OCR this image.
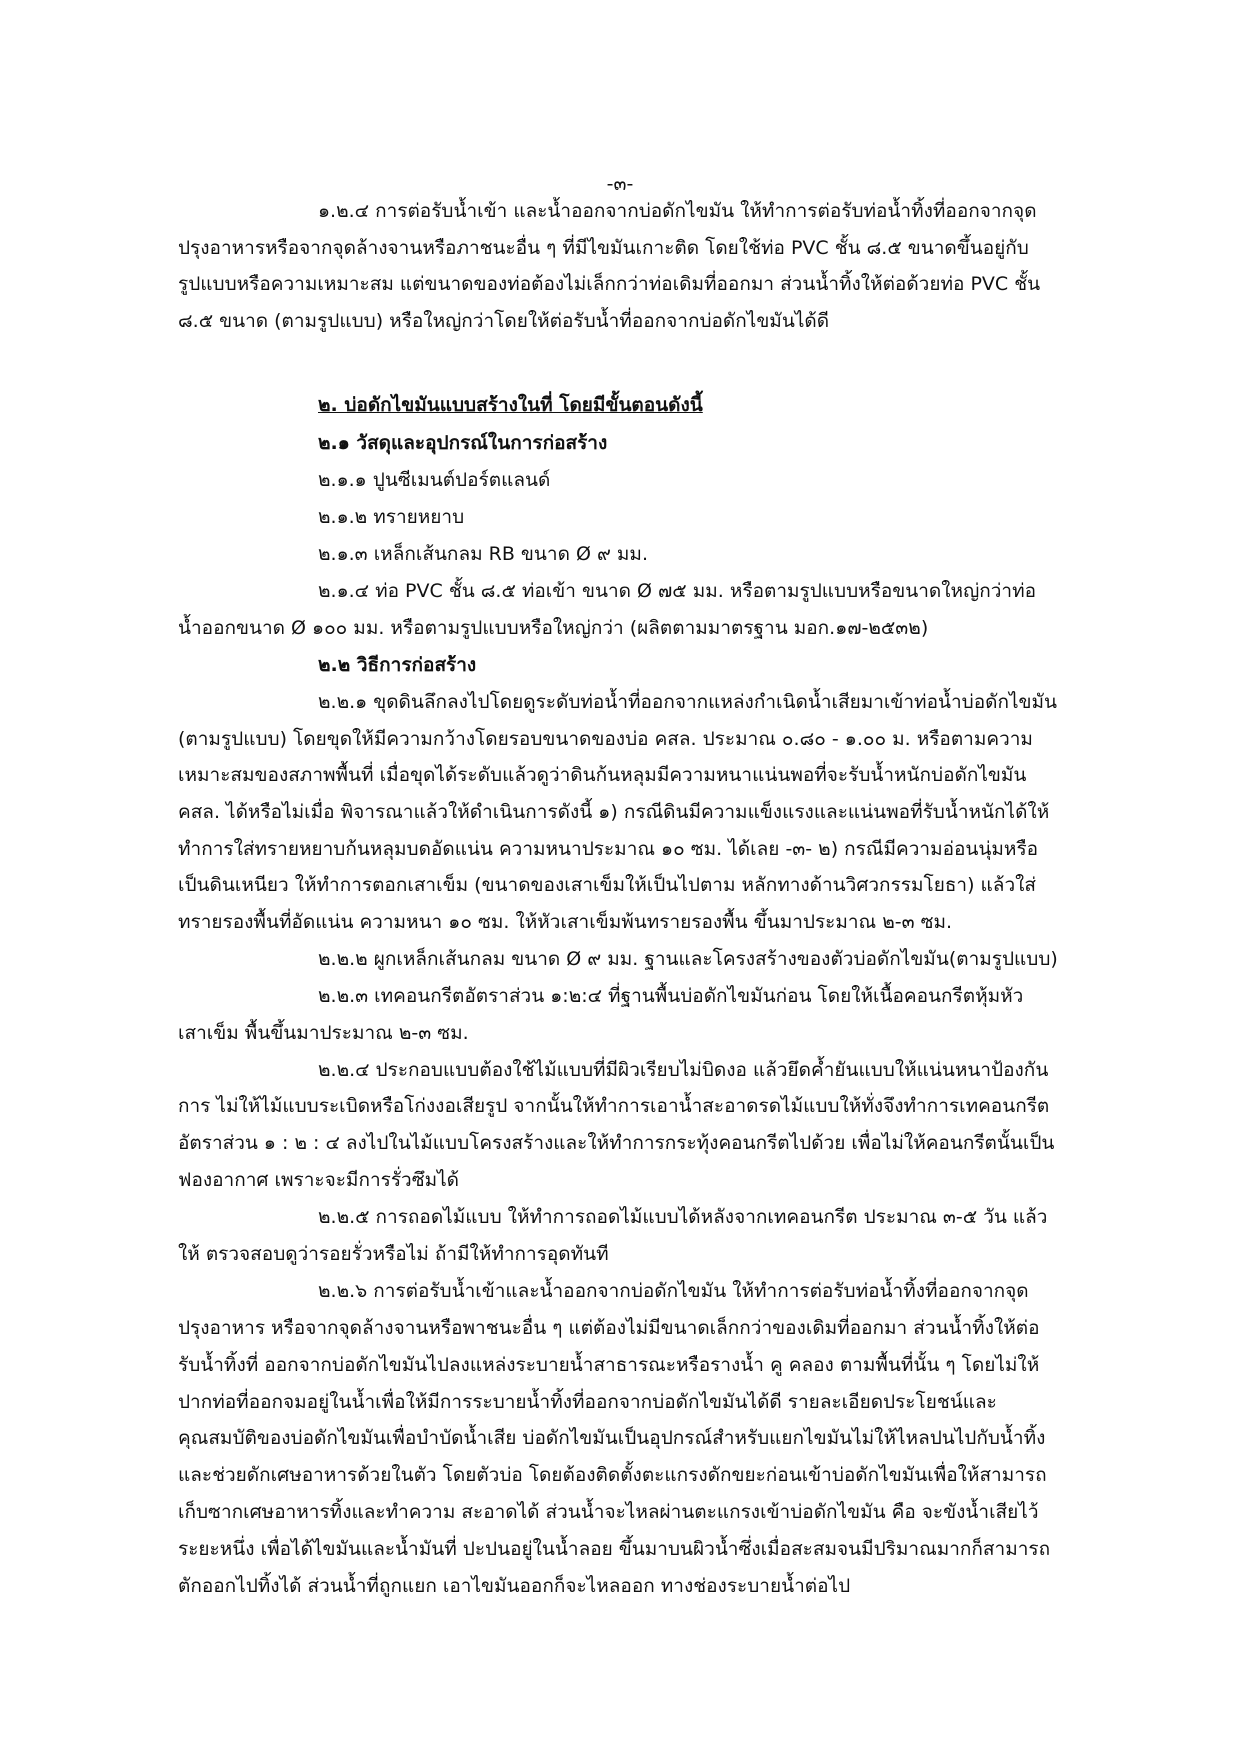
-๓-
๑.๒.๔ การต่อรับน้ำเข้า และน้ำออกจากบ่อดักไขมัน ให้ทำการต่อรับท่อน้ำทิ้งที่ออกจากจุด
ปรุงอาหารหรือจากจุดล้างจานหรือภาชนะอื่น ๆ ที่มีไขมันเกาะติด โดยใช้ท่อ PVC ชั้น ๘.๕ ขนาดขึ้นอยู่กับ
รูปแบบหรือความเหมาะสม แต่ขนาดของท่อต้องไม่เล็กกว่าท่อเดิมที่ออกมา ส่วนน้ำทิ้งให้ต่อด้วยท่อ PVC ชั้น
๘.๕ ขนาด (ตามรูปแบบ) หรือใหญ่กว่าโดยให้ต่อรับน้ำที่ออกจากบ่อดักไขมันได้ดี
๒. บ่อดักไขมันแบบสร้างในที่ โดยมีขั้นตอนดังนี้
๒.๑ วัสดุและอุปกรณ์ในการก่อสร้าง
๒.๑.๑ ปูนซีเมนต์ปอร์ตแลนด์
๒.๑.๒ ทรายหยาบ
๒.๑.๓ เหล็กเส้นกลม RB ขนาด Ø ๙ มม.
๒.๑.๔ ท่อ PVC ชั้น ๘.๕ ท่อเข้า ขนาด Ø ๗๕ มม. หรือตามรูปแบบหรือขนาดใหญ่กว่าท่อ
น้ำออกขนาด Ø ๑๐๐ มม. หรือตามรูปแบบหรือใหญ่กว่า (ผลิตตามมาตรฐาน มอก.๑๗-๒๕๓๒)
๒.๒ วิธีการก่อสร้าง
๒.๒.๑ ขุดดินลึกลงไปโดยดูระดับท่อน้ำที่ออกจากแหล่งกำเนิดน้ำเสียมาเข้าท่อน้ำบ่อดักไขมัน
(ตามรูปแบบ) โดยขุดให้มีความกว้างโดยรอบขนาดของบ่อ คสล. ประมาณ ๐.๘๐ - ๑.๐๐ ม. หรือตามความ
เหมาะสมของสภาพพื้นที่ เมื่อขุดได้ระดับแล้วดูว่าดินก้นหลุมมีความหนาแน่นพอที่จะรับน้ำหนักบ่อดักไขมัน
คสล. ได้หรือไม่เมื่อ พิจารณาแล้วให้ดำเนินการดังนี้ ๑) กรณีดินมีความแข็งแรงและแน่นพอที่รับน้ำหนักได้ให้
ทำการใส่ทรายหยาบก้นหลุมบดอัดแน่น ความหนาประมาณ ๑๐ ซม. ได้เลย -๓- ๒) กรณีมีความอ่อนนุ่มหรือ
เป็นดินเหนียว ให้ทำการตอกเสาเข็ม (ขนาดของเสาเข็มให้เป็นไปตาม หลักทางด้านวิศวกรรมโยธา) แล้วใส่
ทรายรองพื้นที่อัดแน่น ความหนา ๑๐ ซม. ให้หัวเสาเข็มพ้นทรายรองพื้น ขึ้นมาประมาณ ๒-๓ ซม.
๒.๒.๒ ผูกเหล็กเส้นกลม ขนาด Ø ๙ มม. ฐานและโครงสร้างของตัวบ่อดักไขมัน(ตามรูปแบบ)
๒.๒.๓ เทคอนกรีตอัตราส่วน ๑:๒:๔ ที่ฐานพื้นบ่อดักไขมันก่อน โดยให้เนื้อคอนกรีตหุ้มหัว
เสาเข็ม พื้นขึ้นมาประมาณ ๒-๓ ซม.
๒.๒.๔ ประกอบแบบต้องใช้ไม้แบบที่มีผิวเรียบไม่บิดงอ แล้วยึดค้ำยันแบบให้แน่นหนาป้องกัน
การ ไม่ให้ไม้แบบระเบิดหรือโก่งงอเสียรูป จากนั้นให้ทำการเอาน้ำสะอาดรดไม้แบบให้ทั่งจึงทำการเทคอนกรีต
อัตราส่วน ๑ : ๒ : ๔ ลงไปในไม้แบบโครงสร้างและให้ทำการกระทุ้งคอนกรีตไปด้วย เพื่อไม่ให้คอนกรีตนั้นเป็น
ฟองอากาศ เพราะจะมีการรั่วซึมได้
๒.๒.๕ การถอดไม้แบบ ให้ทำการถอดไม้แบบได้หลังจากเทคอนกรีต ประมาณ ๓-๕ วัน แล้ว
ให้ ตรวจสอบดูว่ารอยรั่วหรือไม่ ถ้ามีให้ทำการอุดทันที
๒.๒.๖ การต่อรับน้ำเข้าและน้ำออกจากบ่อดักไขมัน ให้ทำการต่อรับท่อน้ำทิ้งที่ออกจากจุด
ปรุงอาหาร หรือจากจุดล้างจานหรือพาชนะอื่น ๆ แต่ต้องไม่มีขนาดเล็กกว่าของเดิมที่ออกมา ส่วนน้ำทิ้งให้ต่อ
รับน้ำทิ้งที่ ออกจากบ่อดักไขมันไปลงแหล่งระบายน้ำสาธารณะหรือรางน้ำ คู คลอง ตามพื้นที่นั้น ๆ โดยไม่ให้
ปากท่อที่ออกจมอยู่ในน้ำเพื่อให้มีการระบายน้ำทิ้งที่ออกจากบ่อดักไขมันได้ดี รายละเอียดประโยชน์และ
คุณสมบัติของบ่อดักไขมันเพื่อบำบัดน้ำเสีย บ่อดักไขมันเป็นอุปกรณ์สำหรับแยกไขมันไม่ให้ไหลปนไปกับน้ำทิ้ง
และช่วยดักเศษอาหารด้วยในตัว โดยตัวบ่อ โดยต้องติดตั้งตะแกรงดักขยะก่อนเข้าบ่อดักไขมันเพื่อให้สามารถ
เก็บซากเศษอาหารทิ้งและทำความ สะอาดได้ ส่วนน้ำจะไหลผ่านตะแกรงเข้าบ่อดักไขมัน คือ จะขังน้ำเสียไว้
ระยะหนึ่ง เพื่อได้ไขมันและน้ำมันที่ ปะปนอยู่ในน้ำลอย ขึ้นมาบนผิวน้ำซึ่งเมื่อสะสมจนมีปริมาณมากก็สามารถ
ตักออกไปทิ้งได้ ส่วนน้ำที่ถูกแยก เอาไขมันออกก็จะไหลออก ทางช่องระบายน้ำต่อไป
